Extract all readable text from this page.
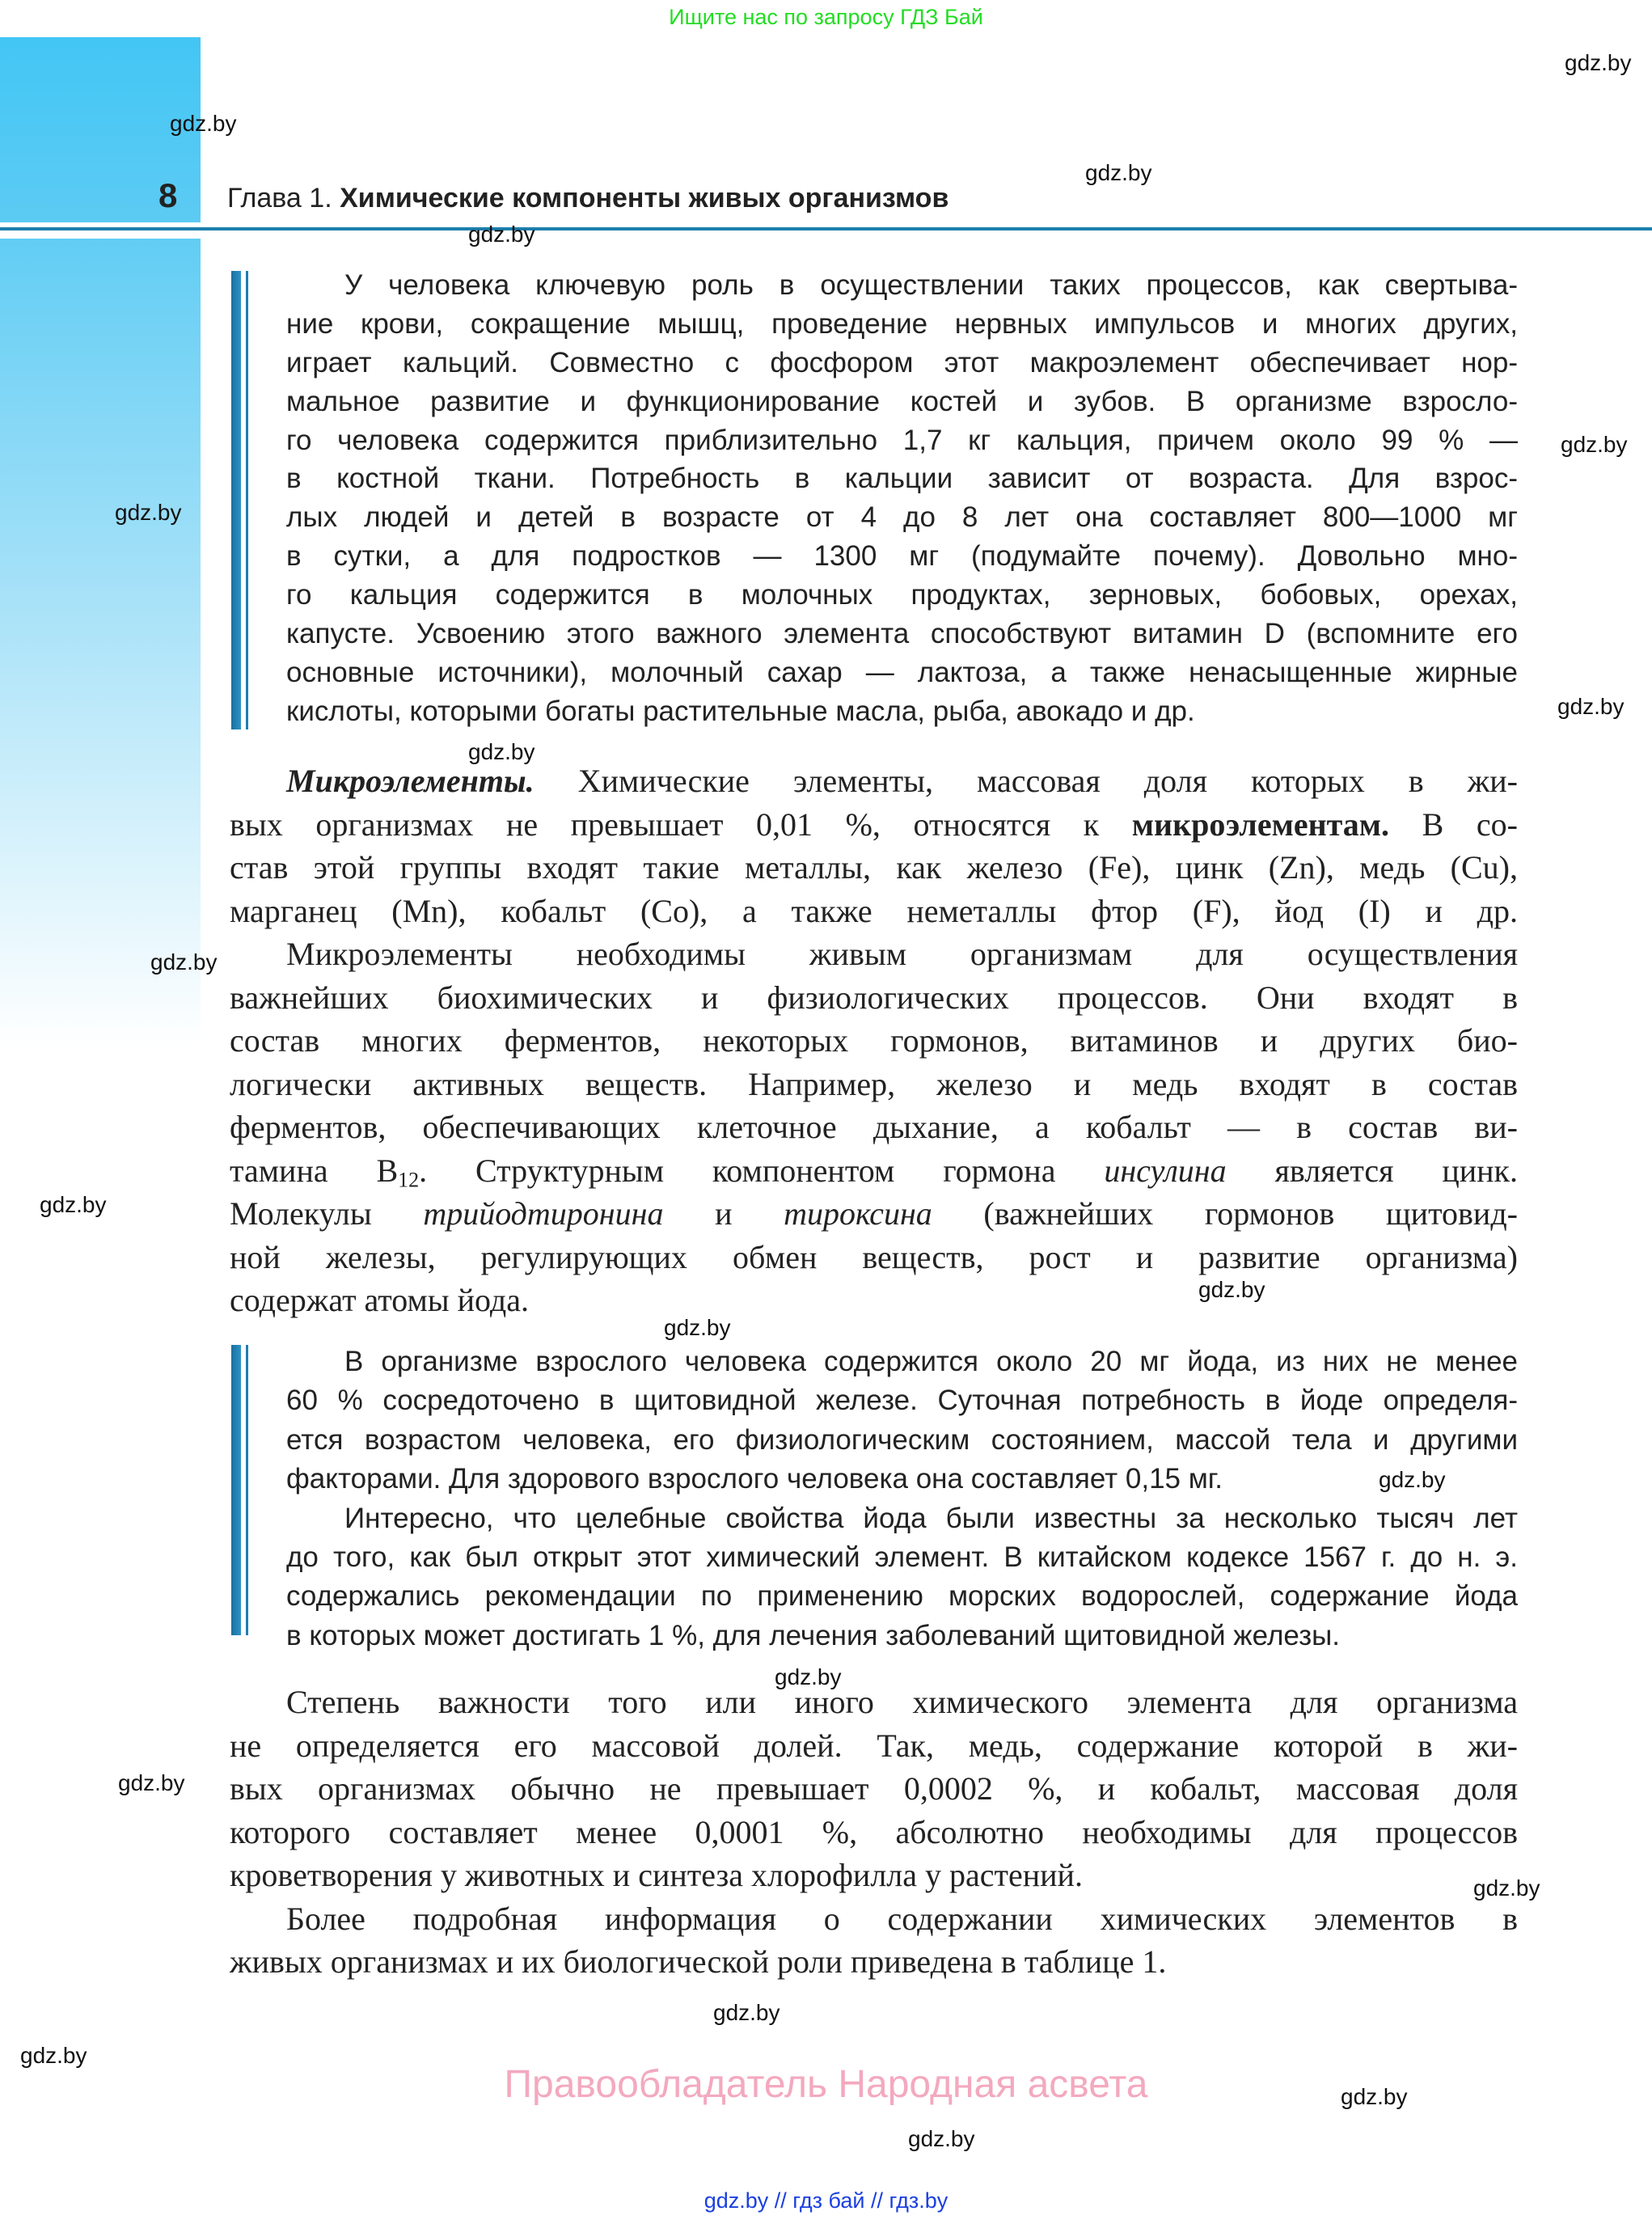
Ищите нас по запросу ГДЗ Бай
8 Глава 1. Химические компоненты живых организмов
У человека ключевую роль в осуществлении таких процессов, как свертыва-
ние крови, сокращение мышц, проведение нервных импульсов и многих других,
играет кальций. Совместно с фосфором этот макроэлемент обеспечивает нор-
мальное развитие и функционирование костей и зубов. В организме взросло-
го человека содержится приблизительно 1,7 кг кальция, причем около 99 % —
в костной ткани. Потребность в кальции зависит от возраста. Для взрос-
лых людей и детей в возрасте от 4 до 8 лет она составляет 800—1000 мг
в сутки, а для подростков — 1300 мг (подумайте почему). Довольно мно-
го кальция содержится в молочных продуктах, зерновых, бобовых, орехах,
капусте. Усвоению этого важного элемента способствуют витамин D (вспомните его
основные источники), молочный сахар — лактоза, а также ненасыщенные жирные
кислоты, которыми богаты растительные масла, рыба, авокадо и др.
Микроэлементы. Химические элементы, массовая доля которых в жи-
вых организмах не превышает 0,01 %, относятся к микроэлементам. В со-
став этой группы входят такие металлы, как железо (Fe), цинк (Zn), медь (Cu),
марганец (Mn), кобальт (Co), а также неметаллы фтор (F), йод (I) и др.
Микроэлементы необходимы живым организмам для осуществления
важнейших биохимических и физиологических процессов. Они входят в
состав многих ферментов, некоторых гормонов, витаминов и других био-
логически активных веществ. Например, железо и медь входят в состав
ферментов, обеспечивающих клеточное дыхание, а кобальт — в состав ви-
тамина $B_{12}$. Структурным компонентом гормона инсулина является цинк.
Молекулы трийодтиронина и тироксина (важнейших гормонов щитовид-
ной железы, регулирующих обмен веществ, рост и развитие организма)
содержат атомы йода.
В организме взрослого человека содержится около 20 мг йода, из них не менее
60 % сосредоточено в щитовидной железе. Суточная потребность в йоде определя-
ется возрастом человека, его физиологическим состоянием, массой тела и другими
факторами. Для здорового взрослого человека она составляет 0,15 мг.
Интересно, что целебные свойства йода были известны за несколько тысяч лет
до того, как был открыт этот химический элемент. В китайском кодексе 1567 г. до н. э.
содержались рекомендации по применению морских водорослей, содержание йода
в которых может достигать 1 %, для лечения заболеваний щитовидной железы.
Степень важности того или иного химического элемента для организма
не определяется его массовой долей. Так, медь, содержание которой в жи-
вых организмах обычно не превышает 0,0002 %, и кобальт, массовая доля
которого составляет менее 0,0001 %, абсолютно необходимы для процессов
кроветворения у животных и синтеза хлорофилла у растений.
Более подробная информация о содержании химических элементов в
живых организмах и их биологической роли приведена в таблице 1.
Правообладатель Народная асвета
gdz.by // гдз бай // гдз.by
gdz.by
gdz.by
gdz.by
gdz.by
gdz.by
gdz.by
gdz.by
gdz.by
gdz.by
gdz.by
gdz.by
gdz.by
gdz.by
gdz.by
gdz.by
gdz.by
gdz.by
gdz.by
gdz.by
gdz.by
